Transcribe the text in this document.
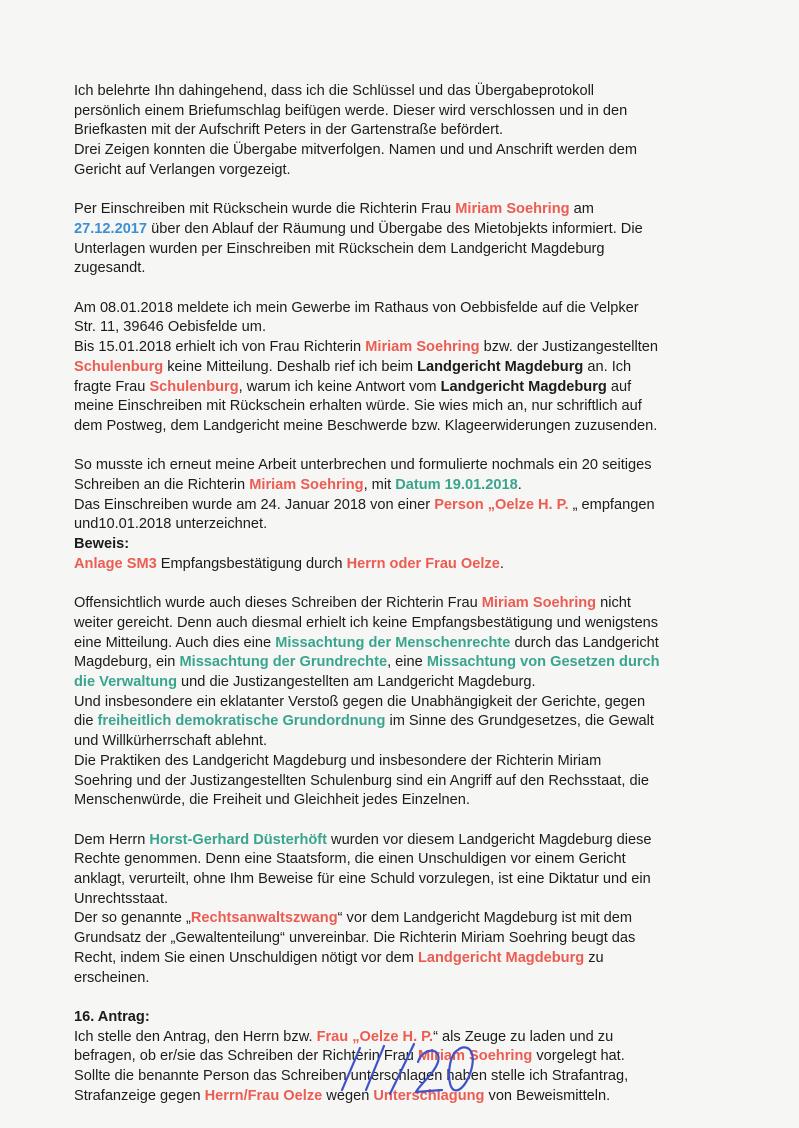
Ich belehrte Ihn dahingehend, dass ich die Schlüssel und das Übergabeprotokoll
persönlich einem Briefumschlag beifügen werde. Dieser wird verschlossen und in den
Briefkasten mit der Aufschrift Peters in der Gartenstraße befördert.
Drei Zeigen konnten die Übergabe mitverfolgen. Namen und und Anschrift werden dem
Gericht auf Verlangen vorgezeigt.
Per Einschreiben mit Rückschein wurde die Richterin Frau Miriam Soehring am
27.12.2017 über den Ablauf der Räumung und Übergabe des Mietobjekts informiert. Die
Unterlagen wurden per Einschreiben mit Rückschein dem Landgericht Magdeburg
zugesandt.
Am 08.01.2018 meldete ich mein Gewerbe im Rathaus von Oebbisfelde auf die Velpker
Str. 11, 39646 Oebisfelde um.
Bis 15.01.2018 erhielt ich von Frau Richterin Miriam Soehring bzw. der Justizangestellten
Schulenburg keine Mitteilung. Deshalb rief ich beim Landgericht Magdeburg an. Ich
fragte Frau Schulenburg, warum ich keine Antwort vom Landgericht Magdeburg auf
meine Einschreiben mit Rückschein erhalten würde. Sie wies mich an, nur schriftlich auf
dem Postweg, dem Landgericht meine Beschwerde bzw. Klageerwiderungen zuzusenden.
So musste ich erneut meine Arbeit unterbrechen und formulierte nochmals ein 20 seitiges
Schreiben an die Richterin Miriam Soehring, mit Datum 19.01.2018.
Das Einschreiben wurde am 24. Januar 2018 von einer Person „Oelze H. P. „ empfangen
und10.01.2018 unterzeichnet.
Beweis:
Anlage SM3 Empfangsbestätigung durch Herrn oder Frau Oelze.
Offensichtlich wurde auch dieses Schreiben der Richterin Frau Miriam Soehring nicht
weiter gereicht. Denn auch diesmal erhielt ich keine Empfangsbestätigung und wenigstens
eine Mitteilung. Auch dies eine Missachtung der Menschenrechte durch das Landgericht
Magdeburg, ein Missachtung der Grundrechte, eine Missachtung von Gesetzen durch
die Verwaltung und die Justizangestellten am Landgericht Magdeburg.
Und insbesondere ein eklatanter Verstoß gegen die Unabhängigkeit der Gerichte, gegen
die freiheitlich demokratische Grundordnung im Sinne des Grundgesetzes, die Gewalt
und Willkürherrschaft ablehnt.
Die Praktiken des Landgericht Magdeburg und insbesondere der Richterin Miriam
Soehring und der Justizangestellten Schulenburg sind ein Angriff auf den Rechsstaat, die
Menschenwürde, die Freiheit und Gleichheit jedes Einzelnen.
Dem Herrn Horst-Gerhard Düsterhöft wurden vor diesem Landgericht Magdeburg diese
Rechte genommen. Denn eine Staatsform, die einen Unschuldigen vor einem Gericht
anklagt, verurteilt, ohne Ihm Beweise für eine Schuld vorzulegen, ist eine Diktatur und ein
Unrechtsstaat.
Der so genannte „Rechtsanwaltszwang“ vor dem Landgericht Magdeburg ist mit dem
Grundsatz der „Gewaltenteilung“ unvereinbar. Die Richterin Miriam Soehring beugt das
Recht, indem Sie einen Unschuldigen nötigt vor dem Landgericht Magdeburg zu
erscheinen.
16. Antrag:
Ich stelle den Antrag, den Herrn bzw. Frau „Oelze H. P.“ als Zeuge zu laden und zu
befragen, ob er/sie das Schreiben der Richterin Frau Miriam Soehring vorgelegt hat.
Sollte die benannte Person das Schreiben unterschlagen haben stelle ich Strafantrag,
Strafanzeige gegen Herrn/Frau Oelze wegen Unterschlagung von Beweismitteln.
